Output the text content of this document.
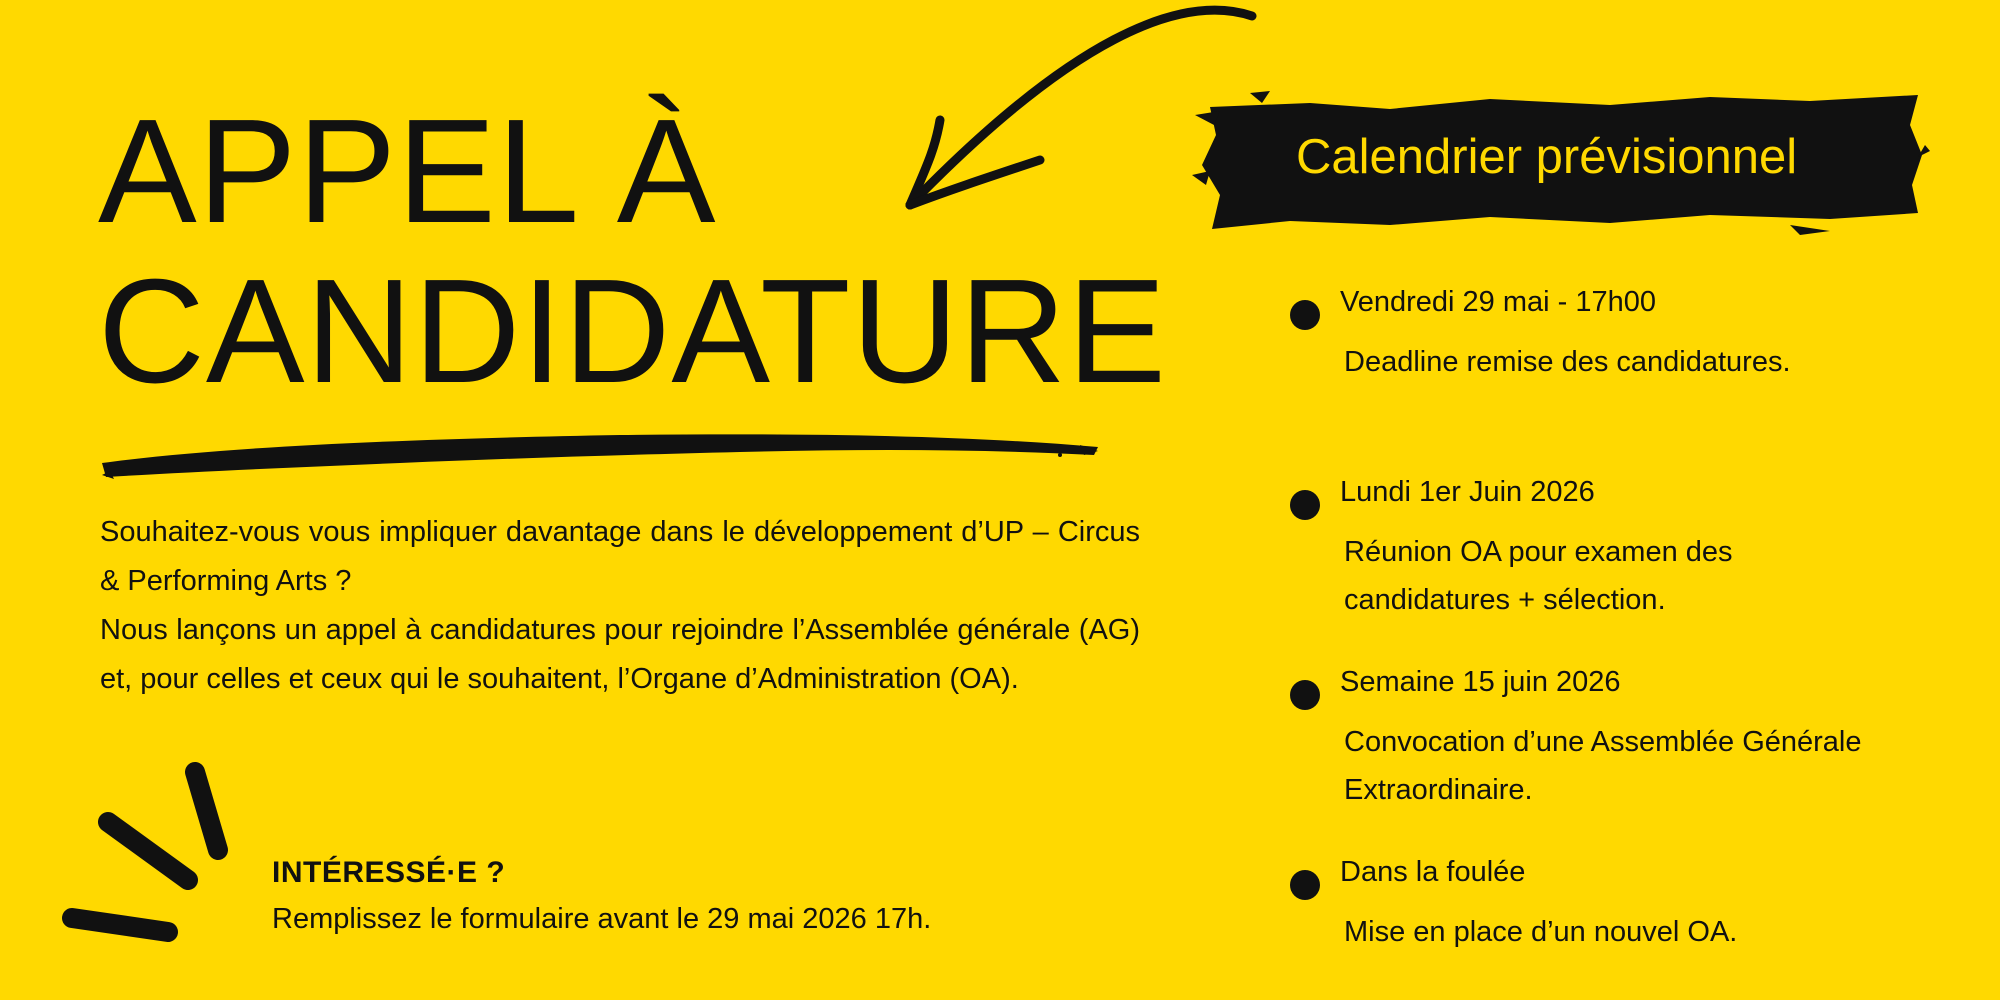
APPEL À
CANDIDATURE

Souhaitez-vous vous impliquer davantage dans le développement d’UP – Circus & Performing Arts ?

Nous lançons un appel à candidatures pour rejoindre l’Assemblée générale (AG) et, pour celles et ceux qui le souhaitent, l’Organe d’Administration (OA).

INTÉRESSÉ·E ?
Remplissez le formulaire avant le 29 mai 2026 17h.
Calendrier prévisionnel
Vendredi 29 mai - 17h00
Deadline remise des candidatures.
Lundi 1er Juin 2026
Réunion OA pour examen des candidatures + sélection.
Semaine 15 juin 2026
Convocation d’une Assemblée Générale Extraordinaire.
Dans la foulée
Mise en place d’un nouvel OA.
